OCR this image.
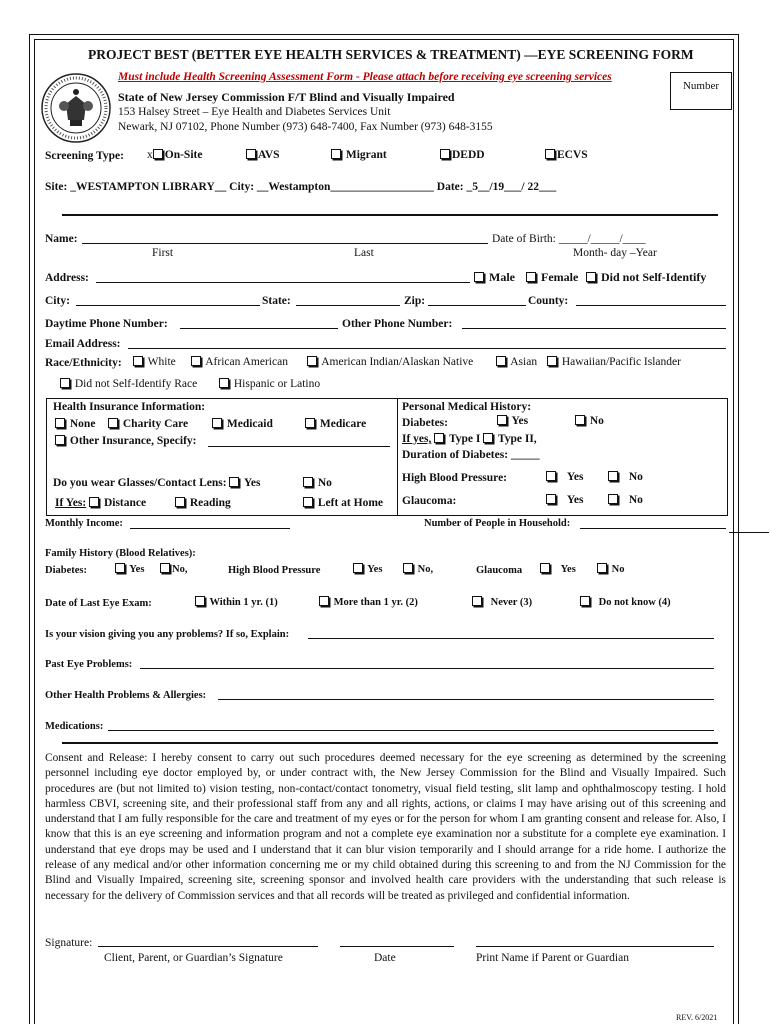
PROJECT BEST (BETTER EYE HEALTH SERVICES & TREATMENT) —EYE SCREENING FORM
Must include Health Screening Assessment Form - Please attach before receiving eye screening services
Number
State of New Jersey Commission F/T Blind and Visually Impaired
153 Halsey Street – Eye Health and Diabetes Services Unit
Newark, NJ 07102, Phone Number (973) 648-7400, Fax Number (973) 648-3155
Screening Type: x On-Site	AVS	Migrant	DEDD	ECVS
Site: _WESTAMPTON LIBRARY__ City: __Westampton__________________ Date: _5__/19___/ 22___
Name:	Date of Birth: _____/_____/____
First	Last	Month- day –Year
Address:	Male	Female	Did not Self-Identify
City:	State:	Zip:	County:
Daytime Phone Number:	Other Phone Number:
Email Address:
Race/Ethnicity:	White	African American	American Indian/Alaskan Native	Asian	Hawaiian/Pacific Islander
Did not Self-Identify Race	Hispanic or Latino
Health Insurance Information:
None	Charity Care	Medicaid	Medicare
Other Insurance, Specify:
Do you wear Glasses/Contact Lens: Yes	No
If Yes: Distance	Reading	Left at Home
Personal Medical History:
Diabetes:	Yes	No
If yes, Type I Type II,
Duration of Diabetes: _____
High Blood Pressure:	Yes	No
Glaucoma:	Yes	No
Monthly Income:	Number of People in Household:
Family History (Blood Relatives):
Diabetes:	Yes	No,	High Blood Pressure	Yes	No,	Glaucoma	Yes	No
Date of Last Eye Exam:	Within 1 yr. (1)	More than 1 yr. (2)	Never (3)	Do not know (4)
Is your vision giving you any problems? If so, Explain:
Past Eye Problems:
Other Health Problems & Allergies:
Medications:
Consent and Release: I hereby consent to carry out such procedures deemed necessary for the eye screening as determined by the screening personnel including eye doctor employed by, or under contract with, the New Jersey Commission for the Blind and Visually Impaired. Such procedures are (but not limited to) vision testing, non-contact/contact tonometry, visual field testing, slit lamp and ophthalmoscopy testing. I hold harmless CBVI, screening site, and their professional staff from any and all rights, actions, or claims I may have arising out of this screening and understand that I am fully responsible for the care and treatment of my eyes or for the person for whom I am granting consent and release for. Also, I know that this is an eye screening and information program and not a complete eye examination nor a substitute for a complete eye examination. I understand that eye drops may be used and I understand that it can blur vision temporarily and I should arrange for a ride home. I authorize the release of any medical and/or other information concerning me or my child obtained during this screening to and from the NJ Commission for the Blind and Visually Impaired, screening site, screening sponsor and involved health care providers with the understanding that such release is necessary for the delivery of Commission services and that all records will be treated as privileged and confidential information.
Signature:
Client, Parent, or Guardian’s Signature	Date	Print Name if Parent or Guardian
REV. 6/2021
